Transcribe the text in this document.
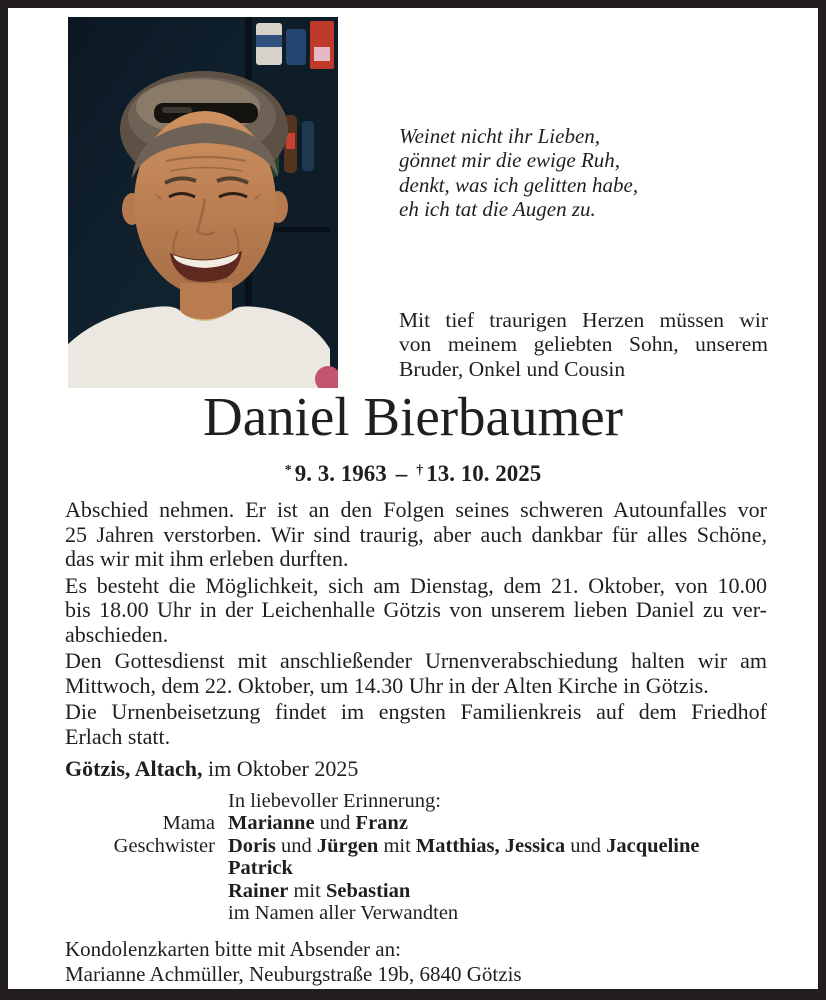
Weinet nicht ihr Lieben,
gönnet mir die ewige Ruh,
denkt, was ich gelitten habe,
eh ich tat die Augen zu.
Mit tief traurigen Herzen müssen wir
von meinem geliebten Sohn, unserem
Bruder, Onkel und Cousin
Daniel Bierbaumer
* 9. 3. 1963 – † 13. 10. 2025
Abschied nehmen. Er ist an den Folgen seines schweren Autounfalles vor
25 Jahren verstorben. Wir sind traurig, aber auch dankbar für alles Schöne,
das wir mit ihm erleben durften.
Es besteht die Möglichkeit, sich am Dienstag, dem 21. Oktober, von 10.00
bis 18.00 Uhr in der Leichenhalle Götzis von unserem lieben Daniel zu ver-
abschieden.
Den Gottesdienst mit anschließender Urnenverabschiedung halten wir am
Mittwoch, dem 22. Oktober, um 14.30 Uhr in der Alten Kirche in Götzis.
Die Urnenbeisetzung findet im engsten Familienkreis auf dem Friedhof
Erlach statt.
Götzis, Altach, im Oktober 2025
In liebevoller Erinnerung:
Mama Marianne und Franz
Geschwister Doris und Jürgen mit Matthias, Jessica und Jacqueline
Patrick
Rainer mit Sebastian
im Namen aller Verwandten
Kondolenzkarten bitte mit Absender an:
Marianne Achmüller, Neuburgstraße 19b, 6840 Götzis
